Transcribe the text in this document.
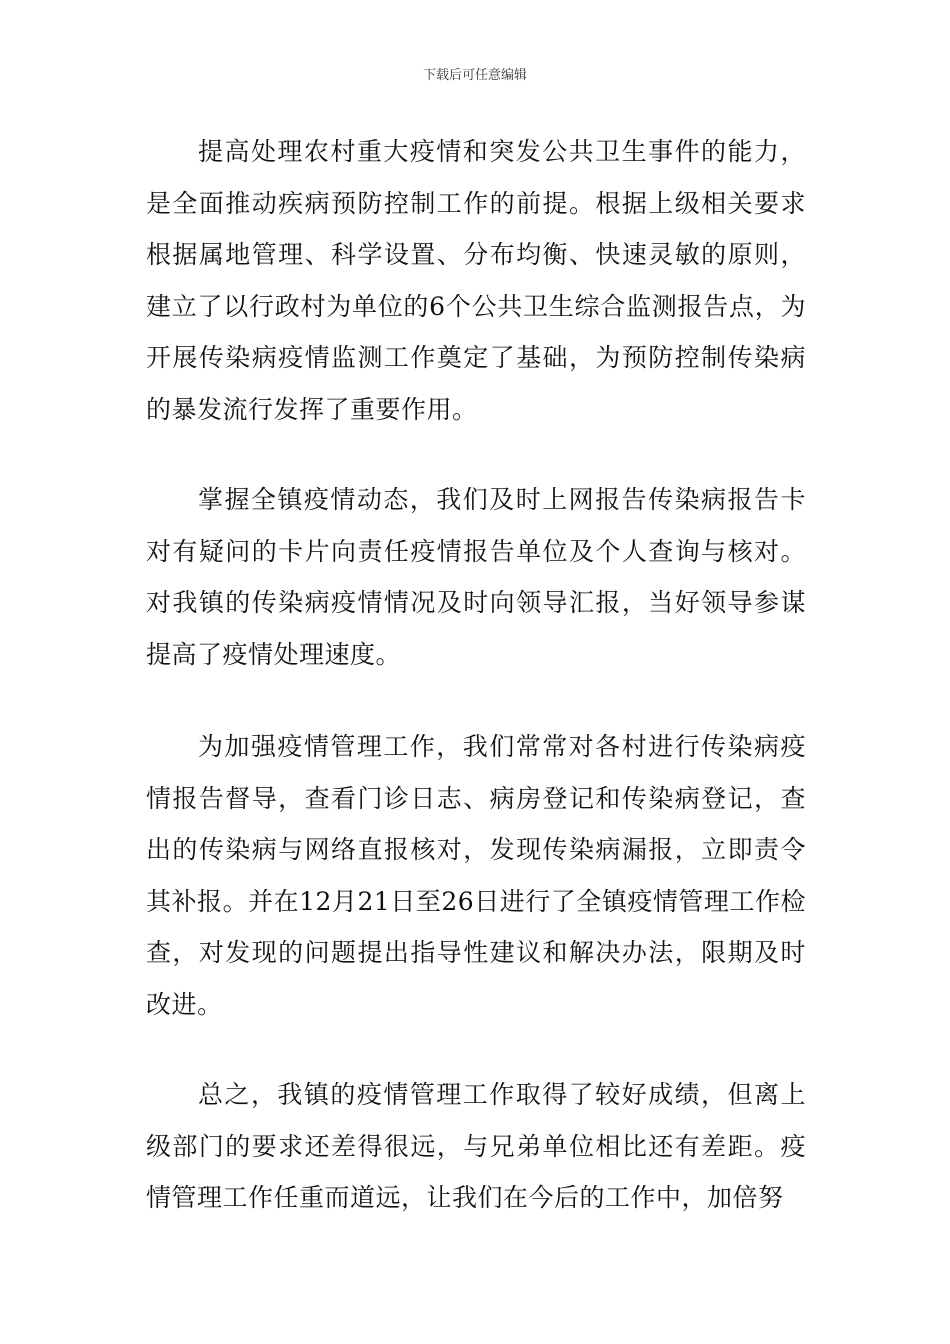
下载后可任意编辑

提高处理农村重大疫情和突发公共卫生事件的能力，是全面推动疾病预防控制工作的前提。根据上级相关要求根据属地管理、科学设置、分布均衡、快速灵敏的原则，建立了以行政村为单位的6个公共卫生综合监测报告点，为开展传染病疫情监测工作奠定了基础，为预防控制传染病的暴发流行发挥了重要作用。

掌握全镇疫情动态，我们及时上网报告传染病报告卡对有疑问的卡片向责任疫情报告单位及个人查询与核对。对我镇的传染病疫情情况及时向领导汇报，当好领导参谋提高了疫情处理速度。

为加强疫情管理工作，我们常常对各村进行传染病疫情报告督导，查看门诊日志、病房登记和传染病登记，查出的传染病与网络直报核对，发现传染病漏报，立即责令其补报。并在12月21日至26日进行了全镇疫情管理工作检查，对发现的问题提出指导性建议和解决办法，限期及时改进。

总之，我镇的疫情管理工作取得了较好成绩，但离上级部门的要求还差得很远，与兄弟单位相比还有差距。疫情管理工作任重而道远，让我们在今后的工作中，加倍努
